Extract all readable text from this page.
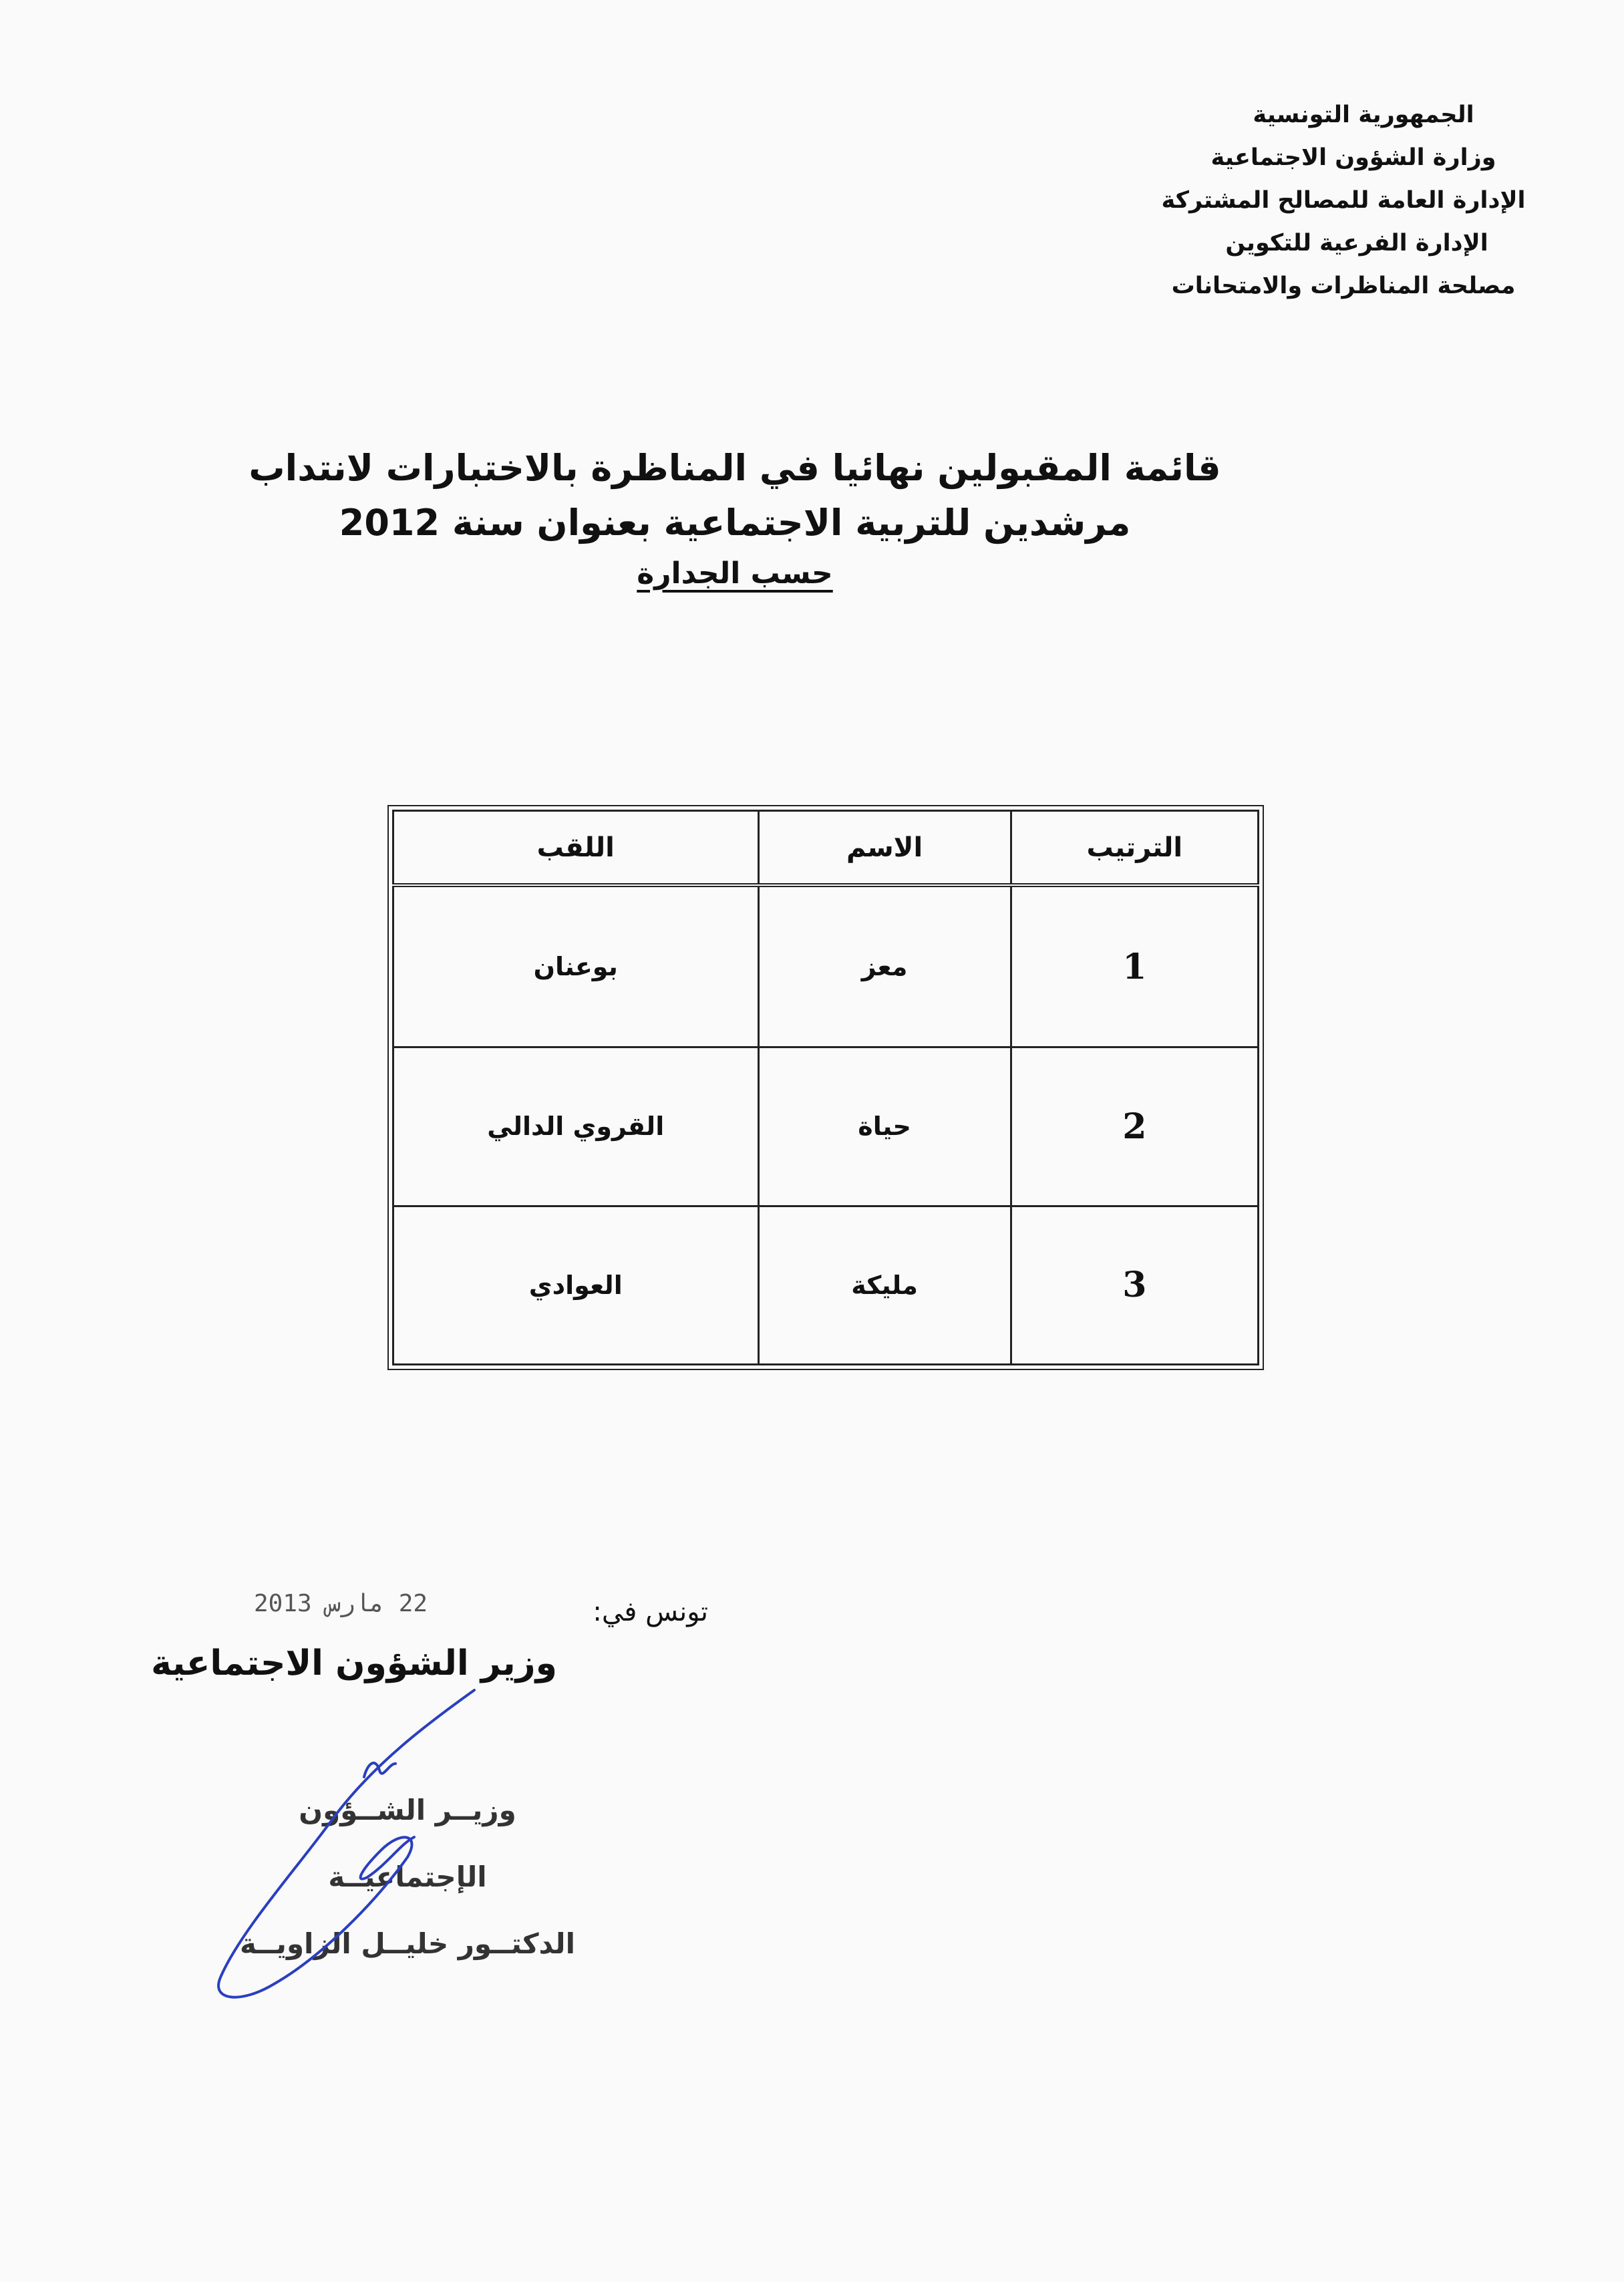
الجمهورية التونسية
وزارة الشؤون الاجتماعية
الإدارة العامة للمصالح المشتركة
الإدارة الفرعية للتكوين
مصلحة المناظرات والامتحانات
قائمة المقبولين نهائيا في المناظرة بالاختبارات لانتداب
مرشدين للتربية الاجتماعية بعنوان سنة 2012
حسب الجدارة
الترتيب	الاسم	اللقب
1	معز	بوعنان
2	حياة	القروي الدالي
3	مليكة	العوادي
تونس في:
22 مارس 2013
وزير الشؤون الاجتماعية
وزيــر الشــؤون الإجتماعيــة
الدكتــور خليــل الزاويــة
